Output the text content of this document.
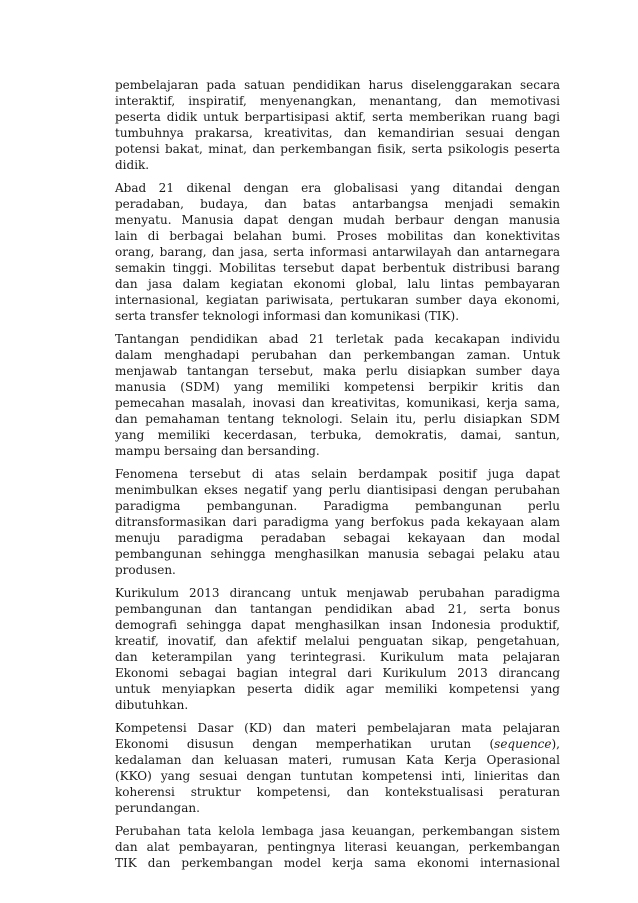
pembelajaran pada satuan pendidikan harus diselenggarakan secara
interaktif, inspiratif, menyenangkan, menantang, dan memotivasi
peserta didik untuk berpartisipasi aktif, serta memberikan ruang bagi
tumbuhnya prakarsa, kreativitas, dan kemandirian sesuai dengan
potensi bakat, minat, dan perkembangan fisik, serta psikologis peserta
didik.

Abad 21 dikenal dengan era globalisasi yang ditandai dengan
peradaban, budaya, dan batas antarbangsa menjadi semakin
menyatu. Manusia dapat dengan mudah berbaur dengan manusia
lain di berbagai belahan bumi. Proses mobilitas dan konektivitas
orang, barang, dan jasa, serta informasi antarwilayah dan antarnegara
semakin tinggi. Mobilitas tersebut dapat berbentuk distribusi barang
dan jasa dalam kegiatan ekonomi global, lalu lintas pembayaran
internasional, kegiatan pariwisata, pertukaran sumber daya ekonomi,
serta transfer teknologi informasi dan komunikasi (TIK).

Tantangan pendidikan abad 21 terletak pada kecakapan individu
dalam menghadapi perubahan dan perkembangan zaman. Untuk
menjawab tantangan tersebut, maka perlu disiapkan sumber daya
manusia (SDM) yang memiliki kompetensi berpikir kritis dan
pemecahan masalah, inovasi dan kreativitas, komunikasi, kerja sama,
dan pemahaman tentang teknologi. Selain itu, perlu disiapkan SDM
yang memiliki kecerdasan, terbuka, demokratis, damai, santun,
mampu bersaing dan bersanding.

Fenomena tersebut di atas selain berdampak positif juga dapat
menimbulkan ekses negatif yang perlu diantisipasi dengan perubahan
paradigma pembangunan. Paradigma pembangunan perlu
ditransformasikan dari paradigma yang berfokus pada kekayaan alam
menuju paradigma peradaban sebagai kekayaan dan modal
pembangunan sehingga menghasilkan manusia sebagai pelaku atau
produsen.

Kurikulum 2013 dirancang untuk menjawab perubahan paradigma
pembangunan dan tantangan pendidikan abad 21, serta bonus
demografi sehingga dapat menghasilkan insan Indonesia produktif,
kreatif, inovatif, dan afektif melalui penguatan sikap, pengetahuan,
dan keterampilan yang terintegrasi. Kurikulum mata pelajaran
Ekonomi sebagai bagian integral dari Kurikulum 2013 dirancang
untuk menyiapkan peserta didik agar memiliki kompetensi yang
dibutuhkan.

Kompetensi Dasar (KD) dan materi pembelajaran mata pelajaran
Ekonomi disusun dengan memperhatikan urutan (sequence),
kedalaman dan keluasan materi, rumusan Kata Kerja Operasional
(KKO) yang sesuai dengan tuntutan kompetensi inti, linieritas dan
koherensi struktur kompetensi, dan kontekstualisasi peraturan
perundangan.

Perubahan tata kelola lembaga jasa keuangan, perkembangan sistem
dan alat pembayaran, pentingnya literasi keuangan, perkembangan
TIK dan perkembangan model kerja sama ekonomi internasional
